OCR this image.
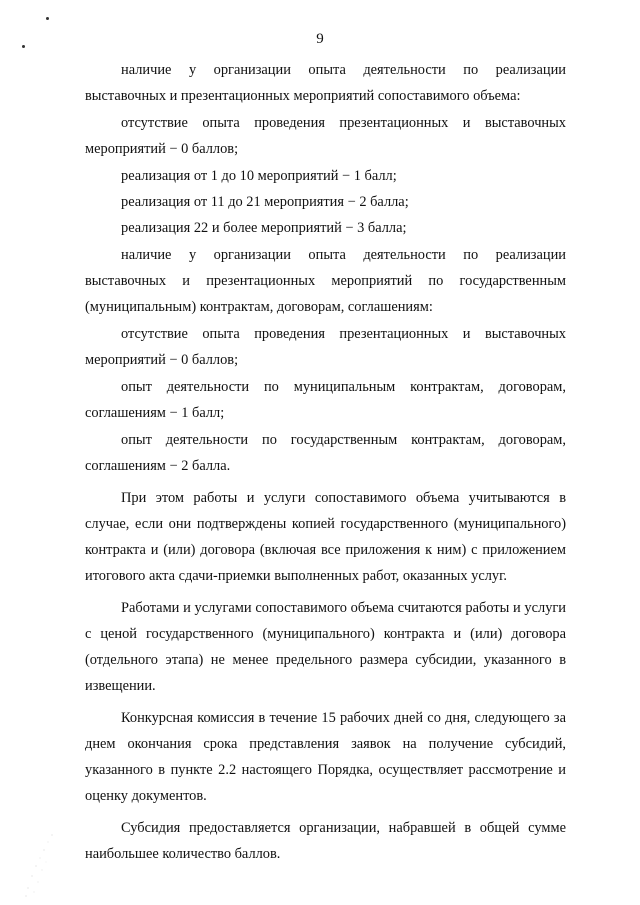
9

наличие у организации опыта деятельности по реализации выставочных и презентационных мероприятий сопоставимого объема:

отсутствие опыта проведения презентационных и выставочных мероприятий − 0 баллов;

реализация от 1 до 10 мероприятий − 1 балл;

реализация от 11 до 21 мероприятия − 2 балла;

реализация 22 и более мероприятий − 3 балла;

наличие у организации опыта деятельности по реализации выставочных и презентационных мероприятий по государственным (муниципальным) контрактам, договорам, соглашениям:

отсутствие опыта проведения презентационных и выставочных мероприятий − 0 баллов;

опыт деятельности по муниципальным контрактам, договорам, соглашениям − 1 балл;

опыт деятельности по государственным контрактам, договорам, соглашениям − 2 балла.

При этом работы и услуги сопоставимого объема учитываются в случае, если они подтверждены копией государственного (муниципального) контракта и (или) договора (включая все приложения к ним) с приложением итогового акта сдачи-приемки выполненных работ, оказанных услуг.

Работами и услугами сопоставимого объема считаются работы и услуги с ценой государственного (муниципального) контракта и (или) договора (отдельного этапа) не менее предельного размера субсидии, указанного в извещении.

Конкурсная комиссия в течение 15 рабочих дней со дня, следующего за днем окончания срока представления заявок на получение субсидий, указанного в пункте 2.2 настоящего Порядка, осуществляет рассмотрение и оценку документов.

Субсидия предоставляется организации, набравшей в общей сумме наибольшее количество баллов.
